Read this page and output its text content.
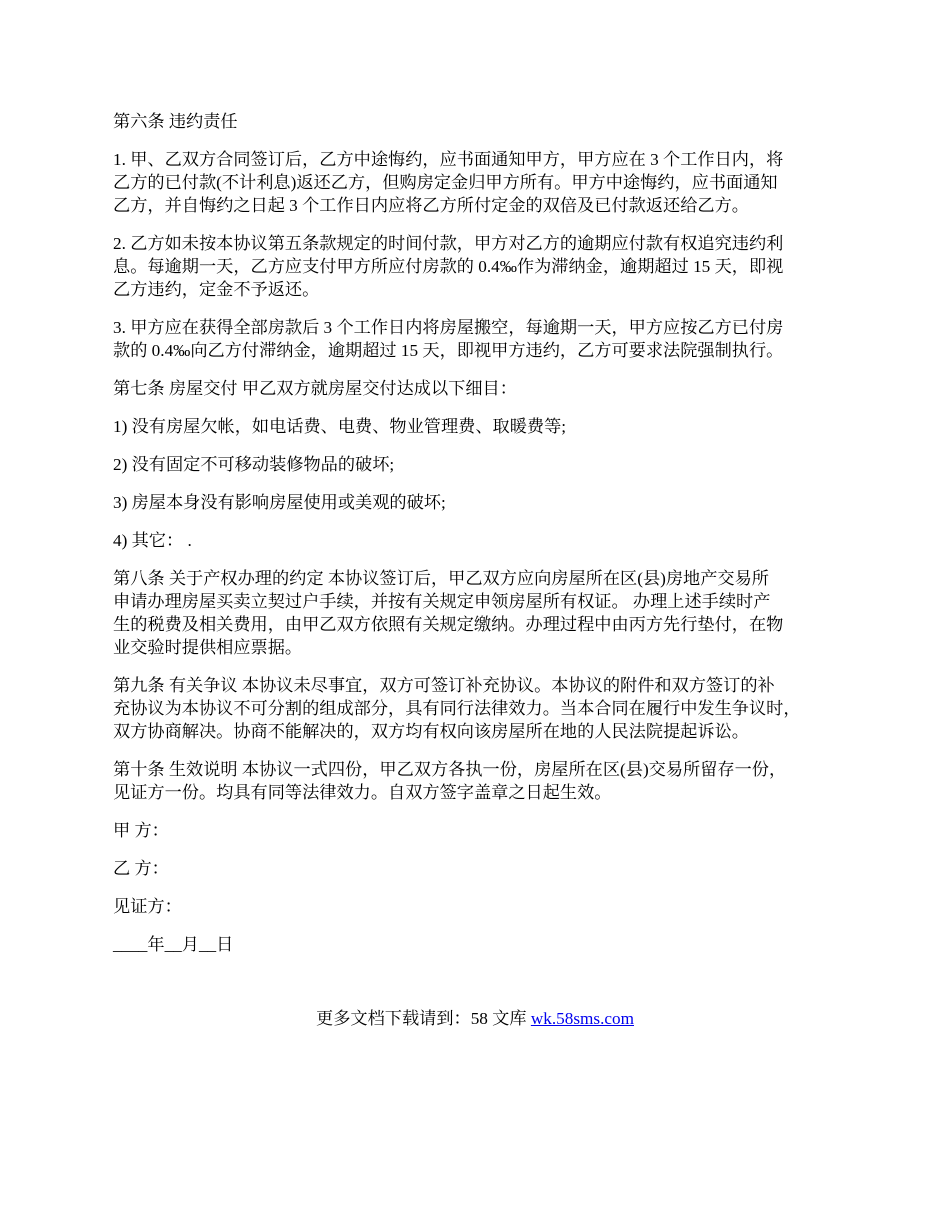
第六条 违约责任
1. 甲、乙双方合同签订后，乙方中途悔约，应书面通知甲方，甲方应在 3 个工作日内，将
乙方的已付款(不计利息)返还乙方，但购房定金归甲方所有。甲方中途悔约，应书面通知
乙方，并自悔约之日起 3 个工作日内应将乙方所付定金的双倍及已付款返还给乙方。
2. 乙方如未按本协议第五条款规定的时间付款，甲方对乙方的逾期应付款有权追究违约利
息。每逾期一天，乙方应支付甲方所应付房款的 0.4‰作为滞纳金，逾期超过 15 天，即视
乙方违约，定金不予返还。
3. 甲方应在获得全部房款后 3 个工作日内将房屋搬空，每逾期一天，甲方应按乙方已付房
款的 0.4‰向乙方付滞纳金，逾期超过 15 天，即视甲方违约，乙方可要求法院强制执行。
第七条 房屋交付 甲乙双方就房屋交付达成以下细目：
1) 没有房屋欠帐，如电话费、电费、物业管理费、取暖费等;
2) 没有固定不可移动装修物品的破坏;
3) 房屋本身没有影响房屋使用或美观的破坏;
4) 其它： .
第八条 关于产权办理的约定 本协议签订后，甲乙双方应向房屋所在区(县)房地产交易所
申请办理房屋买卖立契过户手续，并按有关规定申领房屋所有权证。 办理上述手续时产
生的税费及相关费用，由甲乙双方依照有关规定缴纳。办理过程中由丙方先行垫付，在物
业交验时提供相应票据。
第九条 有关争议 本协议未尽事宜，双方可签订补充协议。本协议的附件和双方签订的补
充协议为本协议不可分割的组成部分，具有同行法律效力。当本合同在履行中发生争议时，
双方协商解决。协商不能解决的，双方均有权向该房屋所在地的人民法院提起诉讼。
第十条 生效说明 本协议一式四份，甲乙双方各执一份，房屋所在区(县)交易所留存一份，
见证方一份。均具有同等法律效力。自双方签字盖章之日起生效。
甲 方：
乙 方：
见证方：
____年__月__日
更多文档下载请到：58 文库 wk.58sms.com
